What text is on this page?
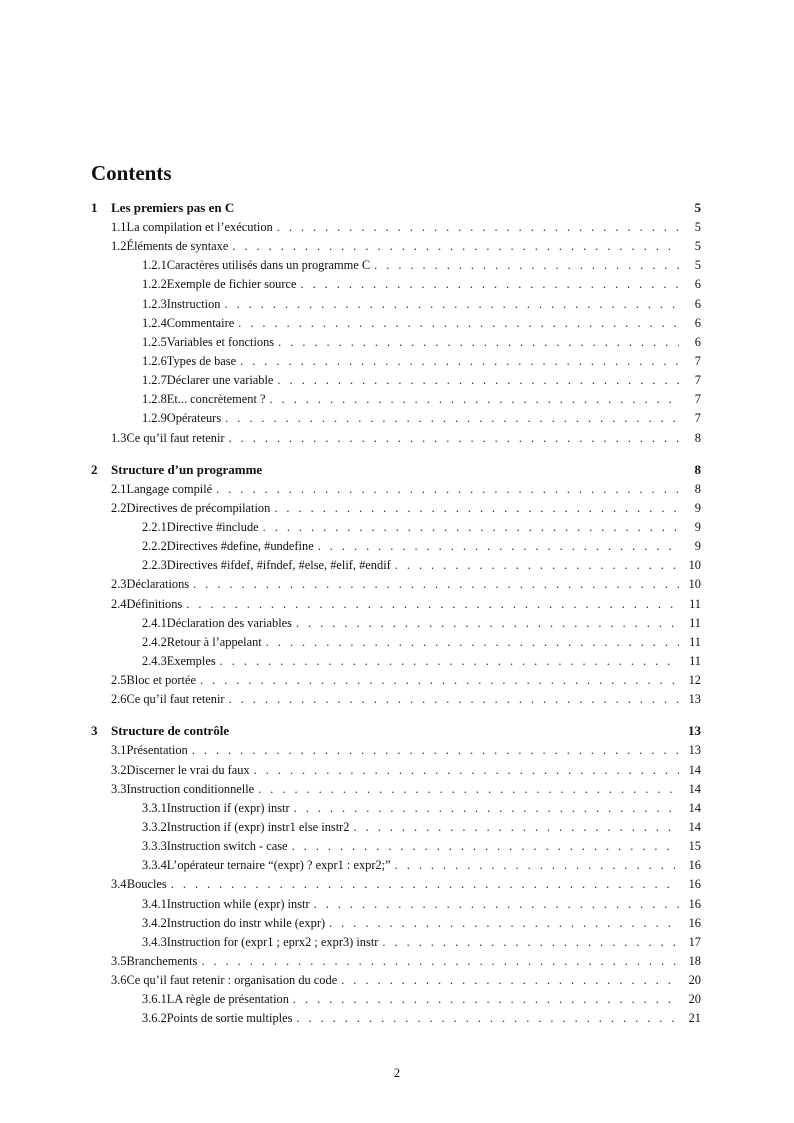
Contents
1	Les premiers pas en C	5
1.1 La compilation et l’exécution . . .	5
1.2 Éléments de syntaxe . . .	5
1.2.1 Caractères utilisés dans un programme C . . .	5
1.2.2 Exemple de fichier source . . .	6
1.2.3 Instruction . . .	6
1.2.4 Commentaire . . .	6
1.2.5 Variables et fonctions . . .	6
1.2.6 Types de base . . .	7
1.2.7 Déclarer une variable . . .	7
1.2.8 Et... concrètement ? . . .	7
1.2.9 Opérateurs . . .	7
1.3 Ce qu’il faut retenir . . .	8
2	Structure d’un programme	8
2.1 Langage compilé . . .	8
2.2 Directives de précompilation . . .	9
2.2.1 Directive #include . . .	9
2.2.2 Directives #define, #undefine . . .	9
2.2.3 Directives #ifdef, #ifndef, #else, #elif, #endif . . .	10
2.3 Déclarations . . .	10
2.4 Définitions . . .	11
2.4.1 Déclaration des variables . . .	11
2.4.2 Retour à l’appelant . . .	11
2.4.3 Exemples . . .	11
2.5 Bloc et portée . . .	12
2.6 Ce qu’il faut retenir . . .	13
3	Structure de contrôle	13
3.1 Présentation . . .	13
3.2 Discerner le vrai du faux . . .	14
3.3 Instruction conditionnelle . . .	14
3.3.1 Instruction if (expr) instr . . .	14
3.3.2 Instruction if (expr) instr1 else instr2 . . .	14
3.3.3 Instruction switch - case . . .	15
3.3.4 L’opérateur ternaire “(expr) ? expr1 : expr2;” . . .	16
3.4 Boucles . . .	16
3.4.1 Instruction while (expr) instr . . .	16
3.4.2 Instruction do instr while (expr) . . .	16
3.4.3 Instruction for (expr1 ; eprx2 ; expr3) instr . . .	17
3.5 Branchements . . .	18
3.6 Ce qu’il faut retenir : organisation du code . . .	20
3.6.1 LA règle de présentation . . .	20
3.6.2 Points de sortie multiples . . .	21
2
